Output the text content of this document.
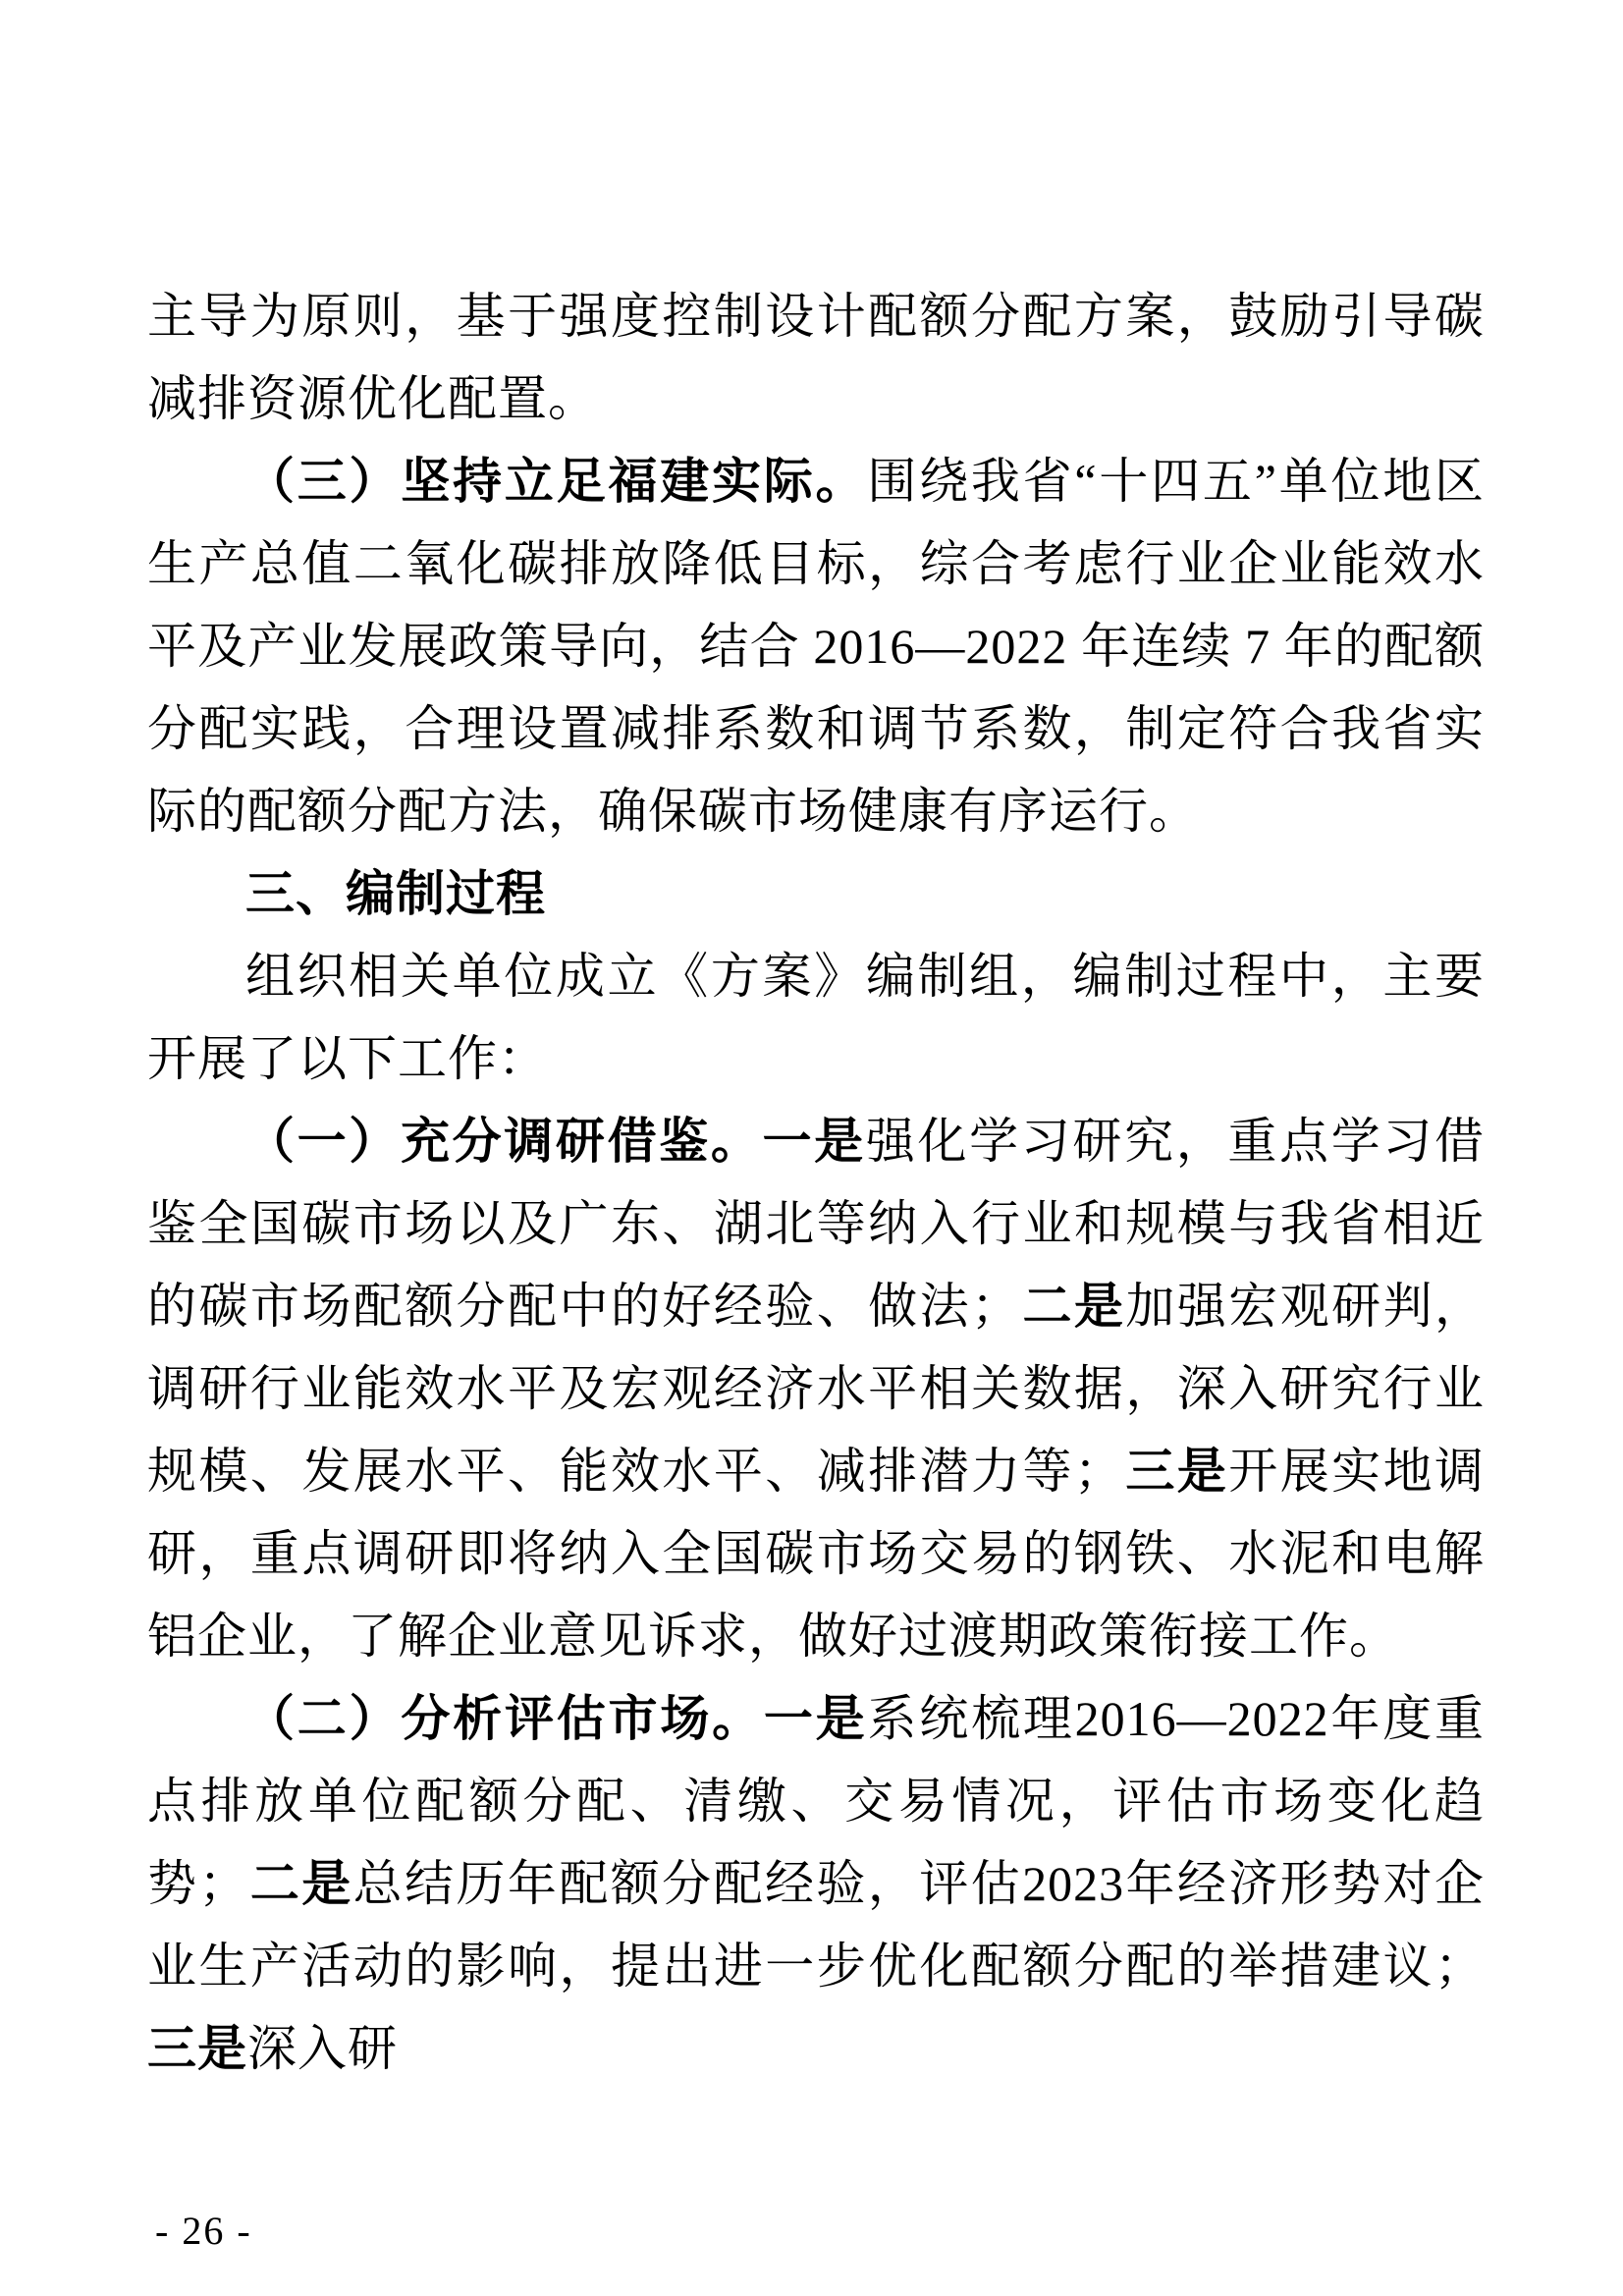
主导为原则，基于强度控制设计配额分配方案，鼓励引导碳减排资源优化配置。

（三）坚持立足福建实际。围绕我省“十四五”单位地区生产总值二氧化碳排放降低目标，综合考虑行业企业能效水平及产业发展政策导向，结合 2016—2022 年连续 7 年的配额分配实践，合理设置减排系数和调节系数，制定符合我省实际的配额分配方法，确保碳市场健康有序运行。

三、编制过程

组织相关单位成立《方案》编制组，编制过程中，主要开展了以下工作：

（一）充分调研借鉴。一是强化学习研究，重点学习借鉴全国碳市场以及广东、湖北等纳入行业和规模与我省相近的碳市场配额分配中的好经验、做法；二是加强宏观研判，调研行业能效水平及宏观经济水平相关数据，深入研究行业规模、发展水平、能效水平、减排潜力等；三是开展实地调研，重点调研即将纳入全国碳市场交易的钢铁、水泥和电解铝企业，了解企业意见诉求，做好过渡期政策衔接工作。

（二）分析评估市场。一是系统梳理2016—2022年度重点排放单位配额分配、清缴、交易情况，评估市场变化趋势；二是总结历年配额分配经验，评估2023年经济形势对企业生产活动的影响，提出进一步优化配额分配的举措建议；三是深入研

- 26 -
